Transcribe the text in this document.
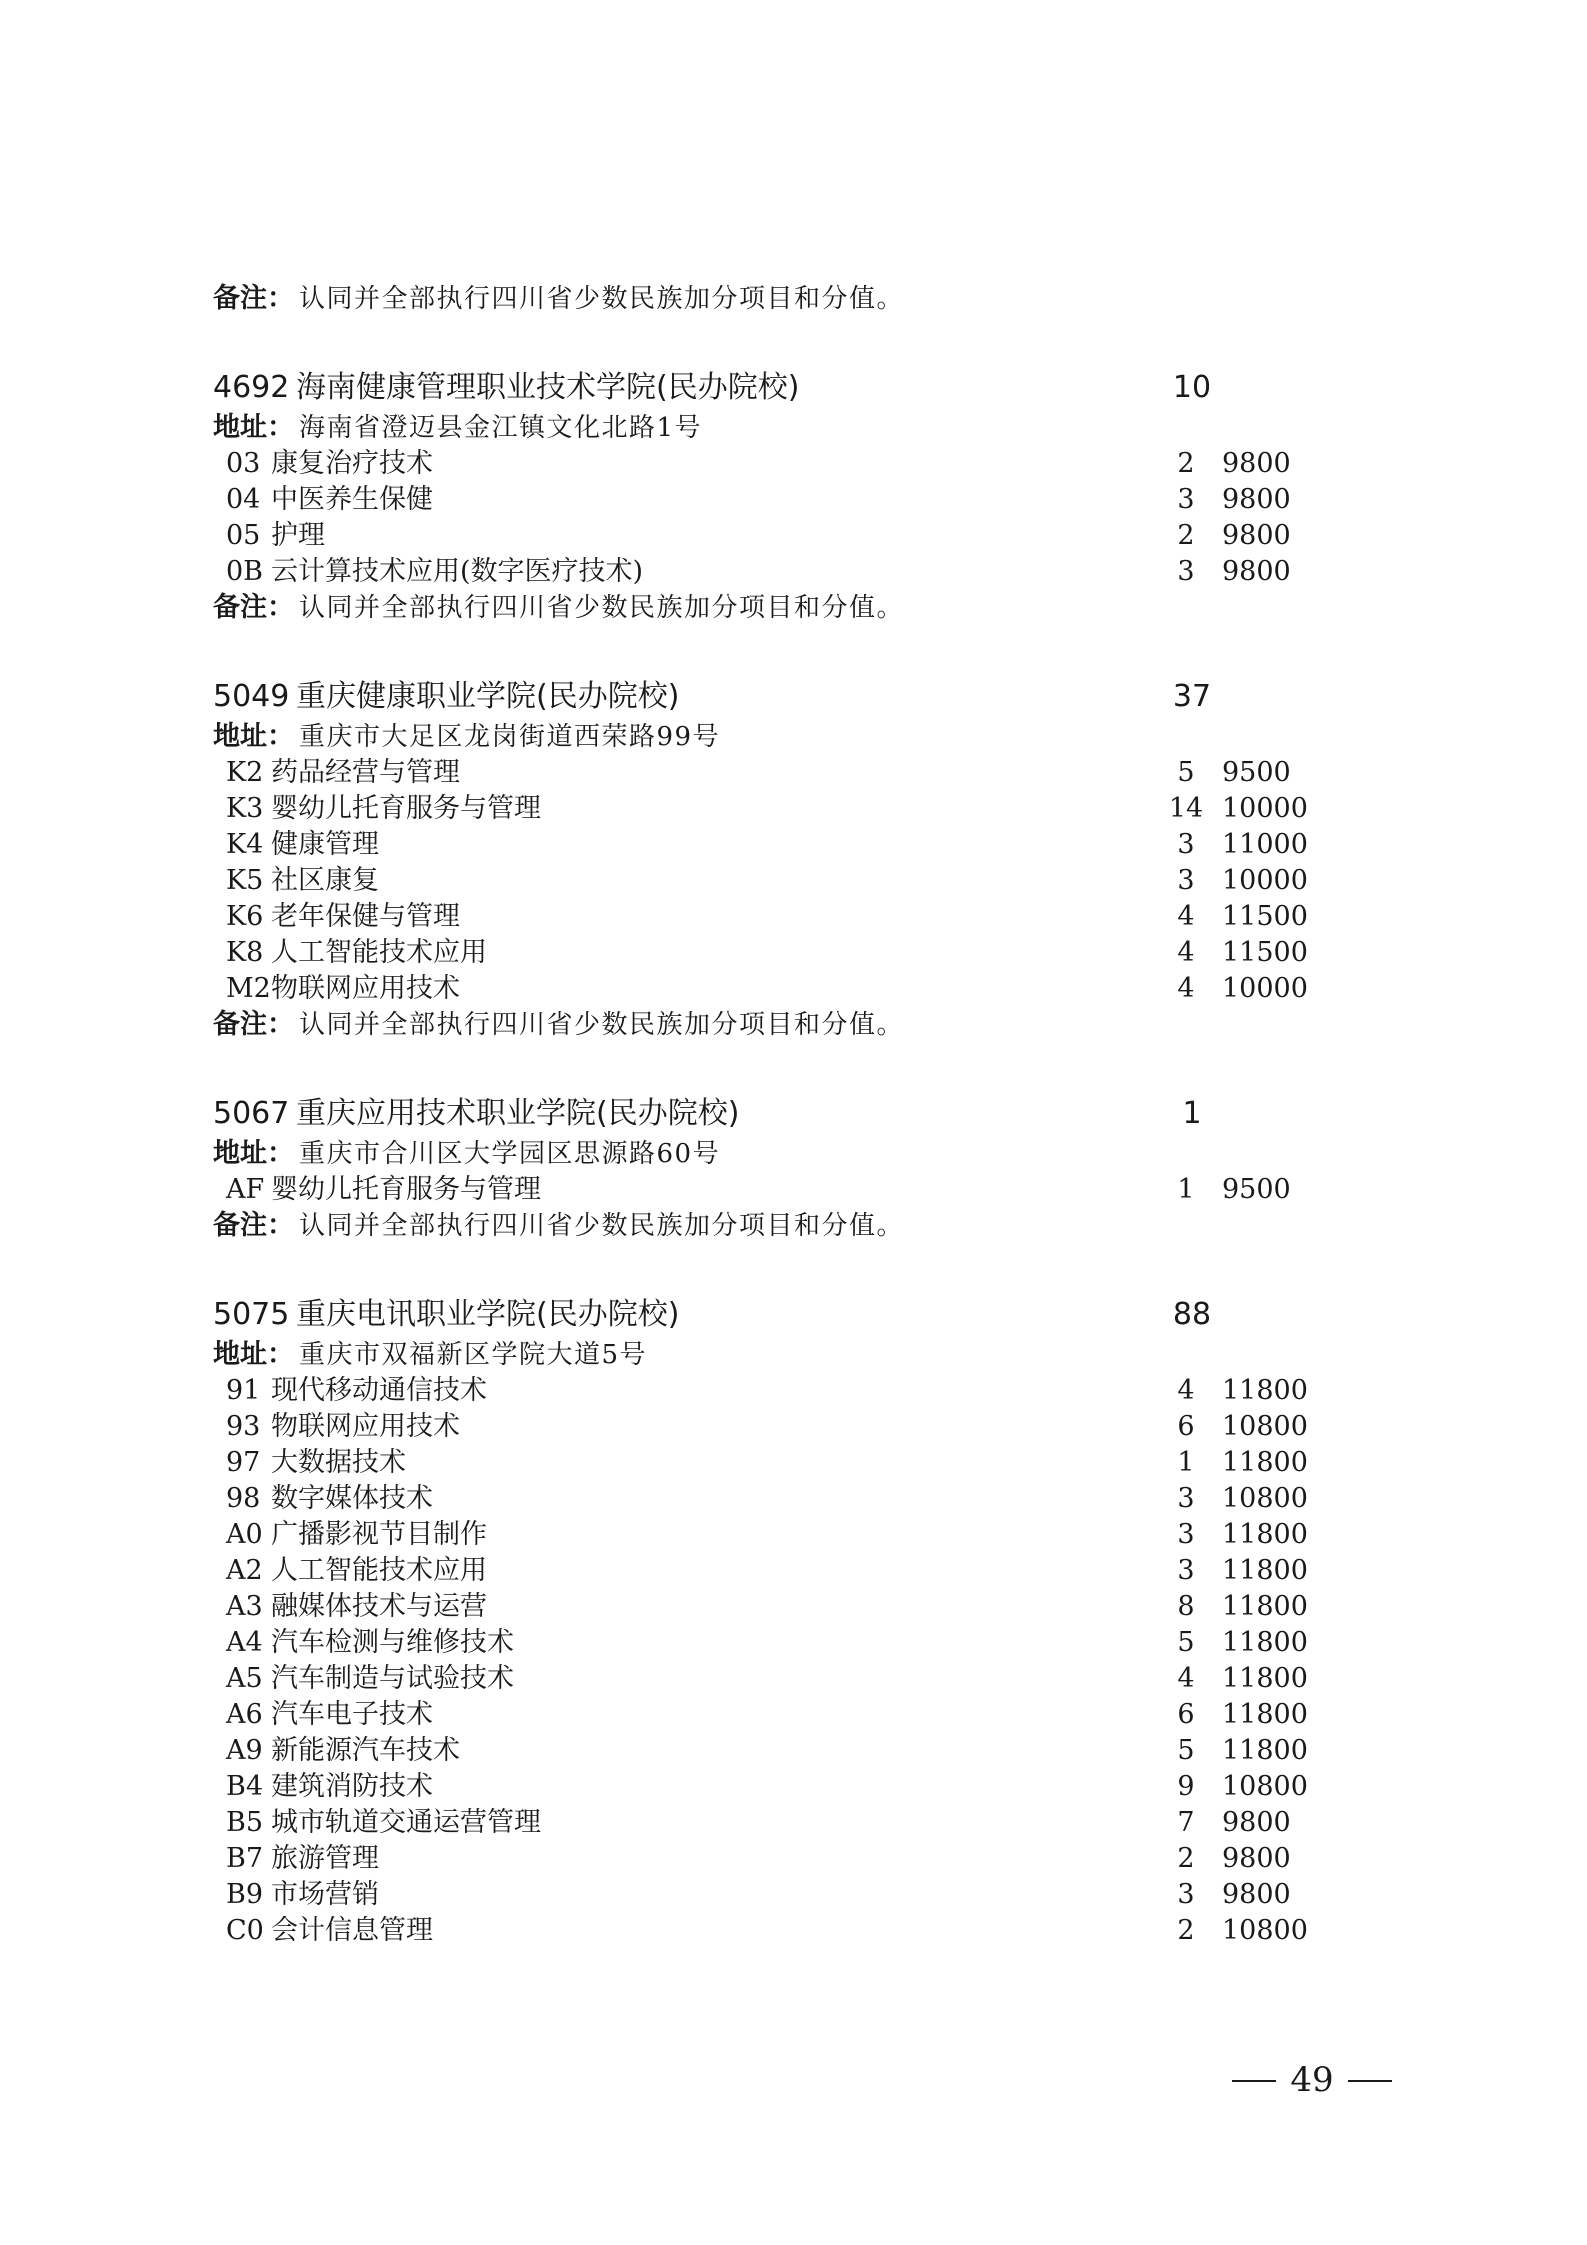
备注： 认同并全部执行四川省少数民族加分项目和分值。
4692 海南健康管理职业技术学院(民办院校)	10
地址： 海南省澄迈县金江镇文化北路1号
03 康复治疗技术	2	9800
04 中医养生保健	3	9800
05 护理	2	9800
0B 云计算技术应用(数字医疗技术)	3	9800
备注： 认同并全部执行四川省少数民族加分项目和分值。
5049 重庆健康职业学院(民办院校)	37
地址： 重庆市大足区龙岗街道西荣路99号
K2 药品经营与管理	5	9500
K3 婴幼儿托育服务与管理	14 10000
K4 健康管理	3	11000
K5 社区康复	3	10000
K6 老年保健与管理	4	11500
K8 人工智能技术应用	4	11500
M2 物联网应用技术	4	10000
备注： 认同并全部执行四川省少数民族加分项目和分值。
5067 重庆应用技术职业学院(民办院校)	1
地址： 重庆市合川区大学园区思源路60号
AF 婴幼儿托育服务与管理	1	9500
备注： 认同并全部执行四川省少数民族加分项目和分值。
5075 重庆电讯职业学院(民办院校)	88
地址： 重庆市双福新区学院大道5号
91 现代移动通信技术	4	11800
93 物联网应用技术	6	10800
97 大数据技术	1	11800
98 数字媒体技术	3	10800
A0 广播影视节目制作	3	11800
A2 人工智能技术应用	3	11800
A3 融媒体技术与运营	8	11800
A4 汽车检测与维修技术	5	11800
A5 汽车制造与试验技术	4	11800
A6 汽车电子技术	6	11800
A9 新能源汽车技术	5	11800
B4 建筑消防技术	9	10800
B5 城市轨道交通运营管理	7	9800
B7 旅游管理	2	9800
B9 市场营销	3	9800
C0 会计信息管理	2	10800
49
